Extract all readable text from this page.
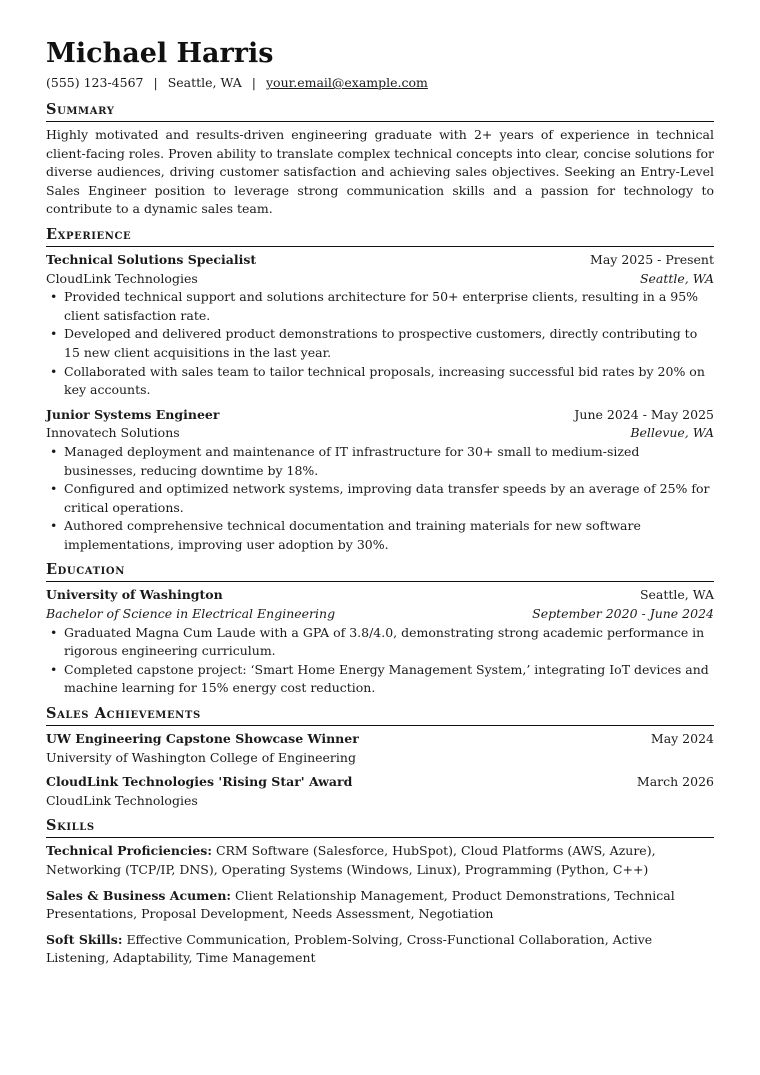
Michael Harris
(555) 123-4567 | Seattle, WA | your.email@example.com
Summary

Highly motivated and results-driven engineering graduate with 2+ years of experience in technical client-facing roles. Proven ability to translate complex technical concepts into clear, concise solutions for diverse audiences, driving customer satisfaction and achieving sales objectives. Seeking an Entry-Level Sales Engineer position to leverage strong communication skills and a passion for technology to contribute to a dynamic sales team.

Experience
Technical Solutions Specialist	May 2025 - Present
CloudLink Technologies	Seattle, WA
• Provided technical support and solutions architecture for 50+ enterprise clients, resulting in a 95% client satisfaction rate.
• Developed and delivered product demonstrations to prospective customers, directly contributing to 15 new client acquisitions in the last year.
• Collaborated with sales team to tailor technical proposals, increasing successful bid rates by 20% on key accounts.
Junior Systems Engineer	June 2024 - May 2025
Innovatech Solutions	Bellevue, WA
• Managed deployment and maintenance of IT infrastructure for 30+ small to medium-sized businesses, reducing downtime by 18%.
• Configured and optimized network systems, improving data transfer speeds by an average of 25% for critical operations.
• Authored comprehensive technical documentation and training materials for new software implementations, improving user adoption by 30%.
Education
University of Washington	Seattle, WA
Bachelor of Science in Electrical Engineering	September 2020 - June 2024
• Graduated Magna Cum Laude with a GPA of 3.8/4.0, demonstrating strong academic performance in rigorous engineering curriculum.
• Completed capstone project: ‘Smart Home Energy Management System,’ integrating IoT devices and machine learning for 15% energy cost reduction.
Sales Achievements
UW Engineering Capstone Showcase Winner	May 2024
University of Washington College of Engineering
CloudLink Technologies 'Rising Star' Award	March 2026
CloudLink Technologies
Skills
Technical Proficiencies: CRM Software (Salesforce, HubSpot), Cloud Platforms (AWS, Azure), Networking (TCP/IP, DNS), Operating Systems (Windows, Linux), Programming (Python, C++)
Sales & Business Acumen: Client Relationship Management, Product Demonstrations, Technical Presentations, Proposal Development, Needs Assessment, Negotiation
Soft Skills: Effective Communication, Problem-Solving, Cross-Functional Collaboration, Active Listening, Adaptability, Time Management
